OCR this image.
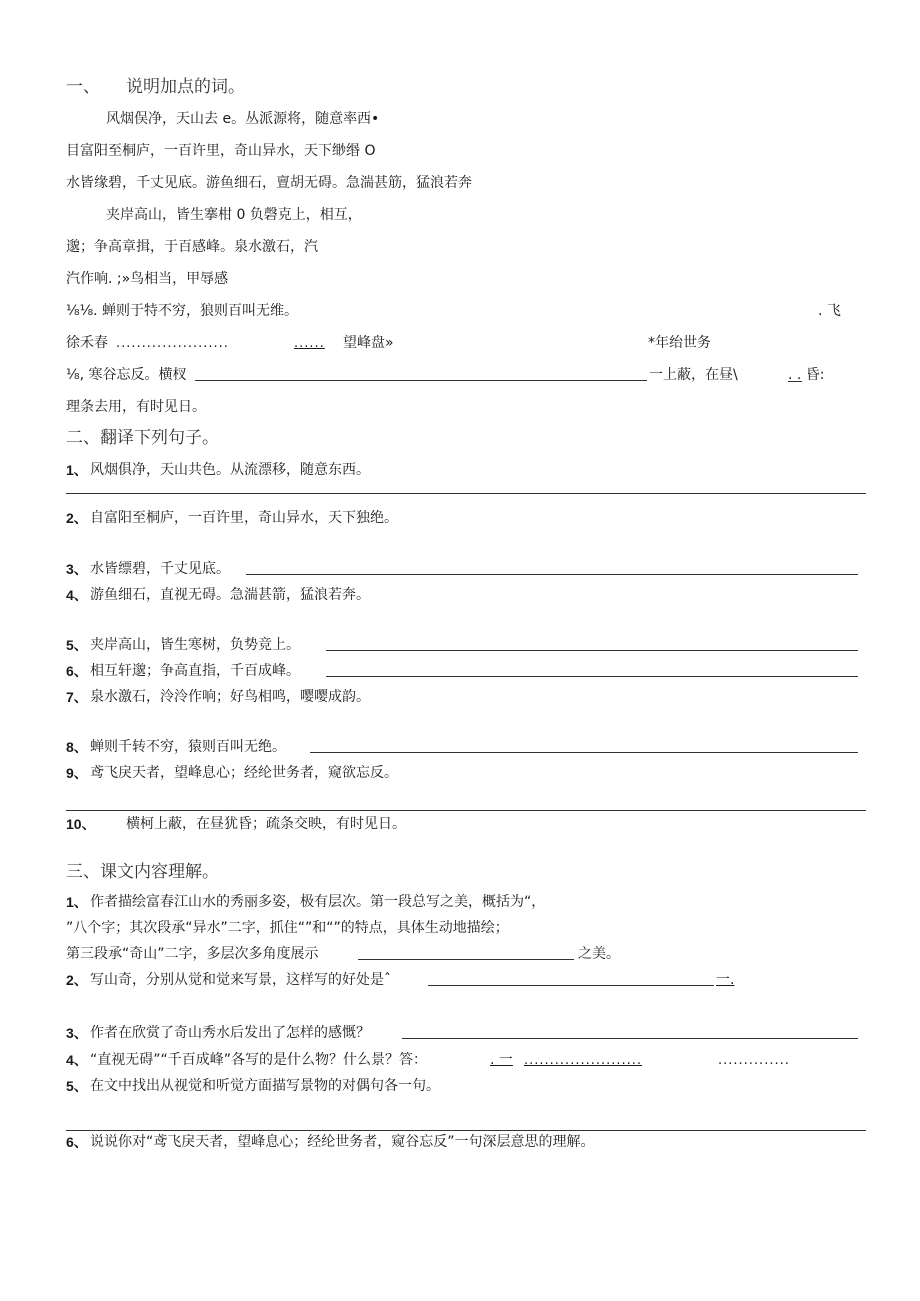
一、 说明加点的词。
风烟俣净，天山去 e。丛派源将，随意率西•
目富阳至桐庐，一百许里，奇山异水，天下缈缗 O
水皆缘碧，千丈见底。游鱼细石，亶胡无碍。急湍甚筋，猛浪若奔
夹岸高山，皆生搴柑 0 负磬克上，相互，
邈；争高章揖，于百感峰。泉水激石，汽
汽作响. ;»鸟相当，甲辱感
⅛⅛. 蝉则于特不穷，狼则百叫无维。	. 飞
徐禾春 ......................	...... 望峰盘»	*年绐世务
⅛, 寒谷忘反。横杈	一上蔽，在昼\	. . 昏:
理条去用，有时见日。
二、翻译下列句子。
1、 风烟俱净，天山共色。从流漂移，随意东西。
2、 自富阳至桐庐，一百许里，奇山异水，天下独绝。
3、 水皆缥碧，千丈见底。
4、 游鱼细石，直视无碍。急湍甚箭，猛浪若奔。
5、 夹岸高山，皆生寒树，负势竞上。
6、 相互轩邈；争高直指，千百成峰。
7、 泉水激石，泠泠作响；好鸟相鸣，嘤嘤成韵。
8、 蝉则千转不穷，猿则百叫无绝。
9、 鸢飞戾天者，望峰息心；经纶世务者，窥欲忘反。
10、 横柯上蔽，在昼犹昏；疏条交映，有时见日。
三、课文内容理解。
1、 作者描绘富春江山水的秀丽多姿，极有层次。第一段总写之美，概括为“，
”八个字；其次段承“异水”二字，抓住“”和“”的特点，具体生动地描绘；
第三段承“奇山”二字，多层次多角度展示	之美。
2、 写山奇，分别从觉和觉来写景，这样写的好处是ˆ	一.
3、 作者在欣赏了奇山秀水后发出了怎样的感慨？
4、 “直视无碍”“千百成峰”各写的是什么物？什么景？答：	. 一 .......................	..............
5、 在文中找出从视觉和听觉方面描写景物的对偶句各一句。
6、 说说你对“鸢飞戾天者，望峰息心；经纶世务者，窥谷忘反”一句深层意思的理解。
